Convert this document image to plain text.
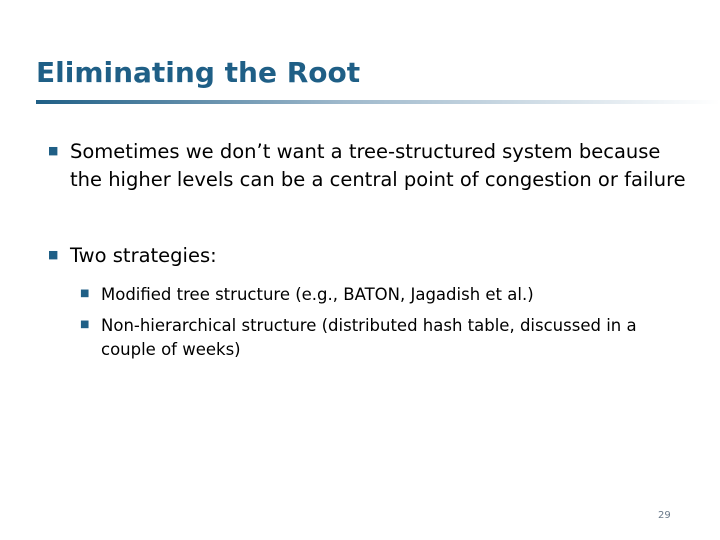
Eliminating the Root
■ Sometimes we don’t want a tree-structured system because the higher levels can be a central point of congestion or failure
■ Two strategies:
■ Modified tree structure (e.g., BATON, Jagadish et al.)
■ Non-hierarchical structure (distributed hash table, discussed in a couple of weeks)
29
